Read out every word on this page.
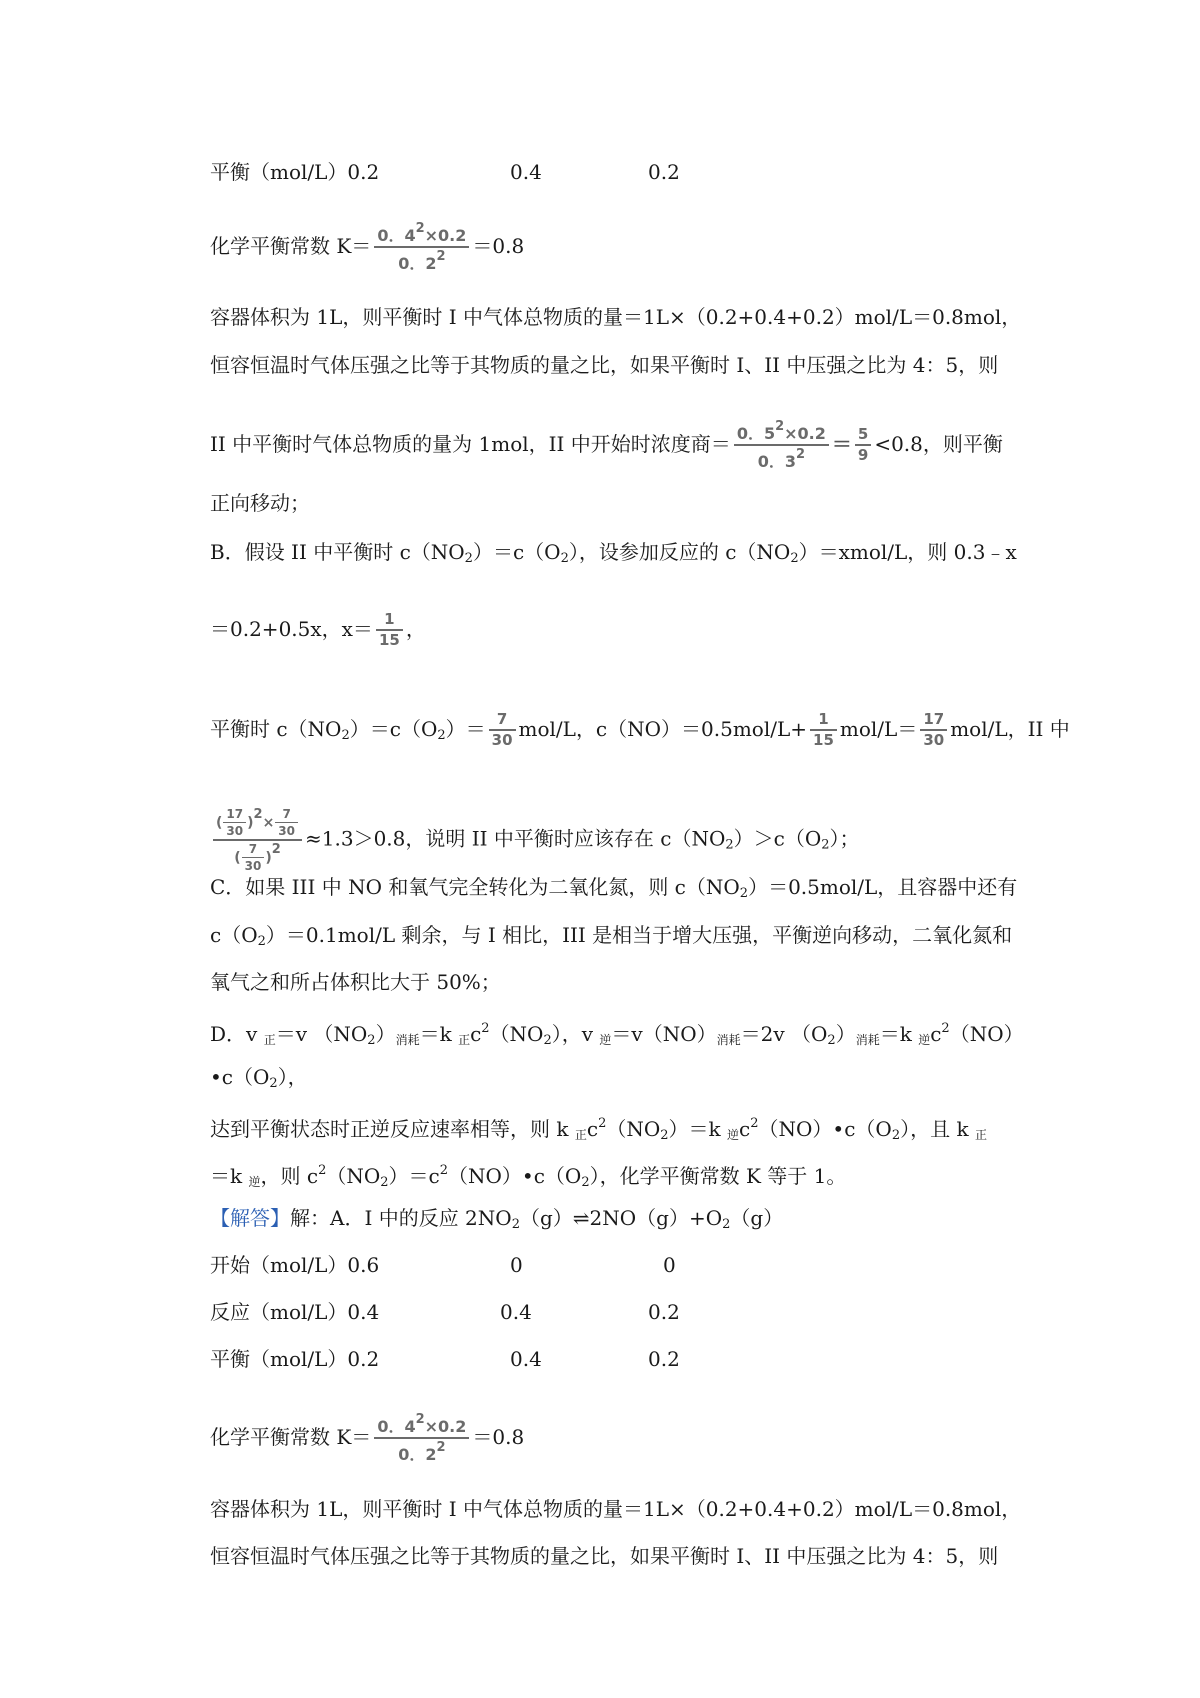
平衡（mol/L）0.2	0.4	0.2
化学平衡常数 $K= \frac{0.4^2\times 0.2}{0.2^2} =0.8$
容器体积为 1L，则平衡时 I 中气体总物质的量＝1L×（0.2+0.4+0.2）mol/L＝0.8mol，
恒容恒温时气体压强之比等于其物质的量之比，如果平衡时 I、II 中压强之比为 4：5，则
II 中平衡时气体总物质的量为 1mol，II 中开始时浓度商＝ $\frac{0.5^2\times 0.2}{0.3^2} = \frac{5}{9} <0.8$，则平衡
正向移动；
B．假设 II 中平衡时 $c(NO_2)=c(O_2)$，设参加反应的 $c(NO_2)=xmol/L$，则 0.3﹣x
＝0.2+0.5x，$x= \frac{1}{15}$ ，
平衡时 $c(NO_2)=c(O_2)= \frac{7}{30} mol/L$，$c(NO)=0.5mol/L+ \frac{1}{15} mol/L= \frac{17}{30} mol/L$，II 中
$\frac{( \frac{17}{30} )^2\times \frac{7}{30}}{( \frac{7}{30} )^2} \approx 1.3>0.8$，说明 II 中平衡时应该存在 $c(NO_2)>c(O_2)$；
C．如果 III 中 NO 和氧气完全转化为二氧化氮，则 $c(NO_2)=0.5mol/L$，且容器中还有
$c(O_2)=0.1mol/L$ 剩余，与 I 相比，III 是相当于增大压强，平衡逆向移动，二氧化氮和
氧气之和所占体积比大于 50%；
D．v $_正$＝v $(NO_2)_{消耗}=k$ $_正c^2(NO_2)$，v $_逆=v(NO)_{消耗}=2v$ $(O_2)_{消耗}=k$ $_逆c^2(NO)$
$•c(O_2)$，
达到平衡状态时正逆反应速率相等，则 k $_正c^2(NO_2)=k$ $_逆c^2(NO)•c(O_2)$，且 k $_正$
＝k $_逆$，则 $c^2(NO_2)=c^2(NO)•c(O_2)$，化学平衡常数 K 等于 1。
【解答】解：A．I 中的反应 $2NO_2(g)\rightleftharpoons 2NO(g)+O_2(g)$
开始（mol/L）0.6	0	0
反应（mol/L）0.4	0.4	0.2
平衡（mol/L）0.2	0.4	0.2
化学平衡常数 $K= \frac{0.4^2\times 0.2}{0.2^2} =0.8$
容器体积为 1L，则平衡时 I 中气体总物质的量＝1L×（0.2+0.4+0.2）mol/L＝0.8mol，
恒容恒温时气体压强之比等于其物质的量之比，如果平衡时 I、II 中压强之比为 4：5，则
